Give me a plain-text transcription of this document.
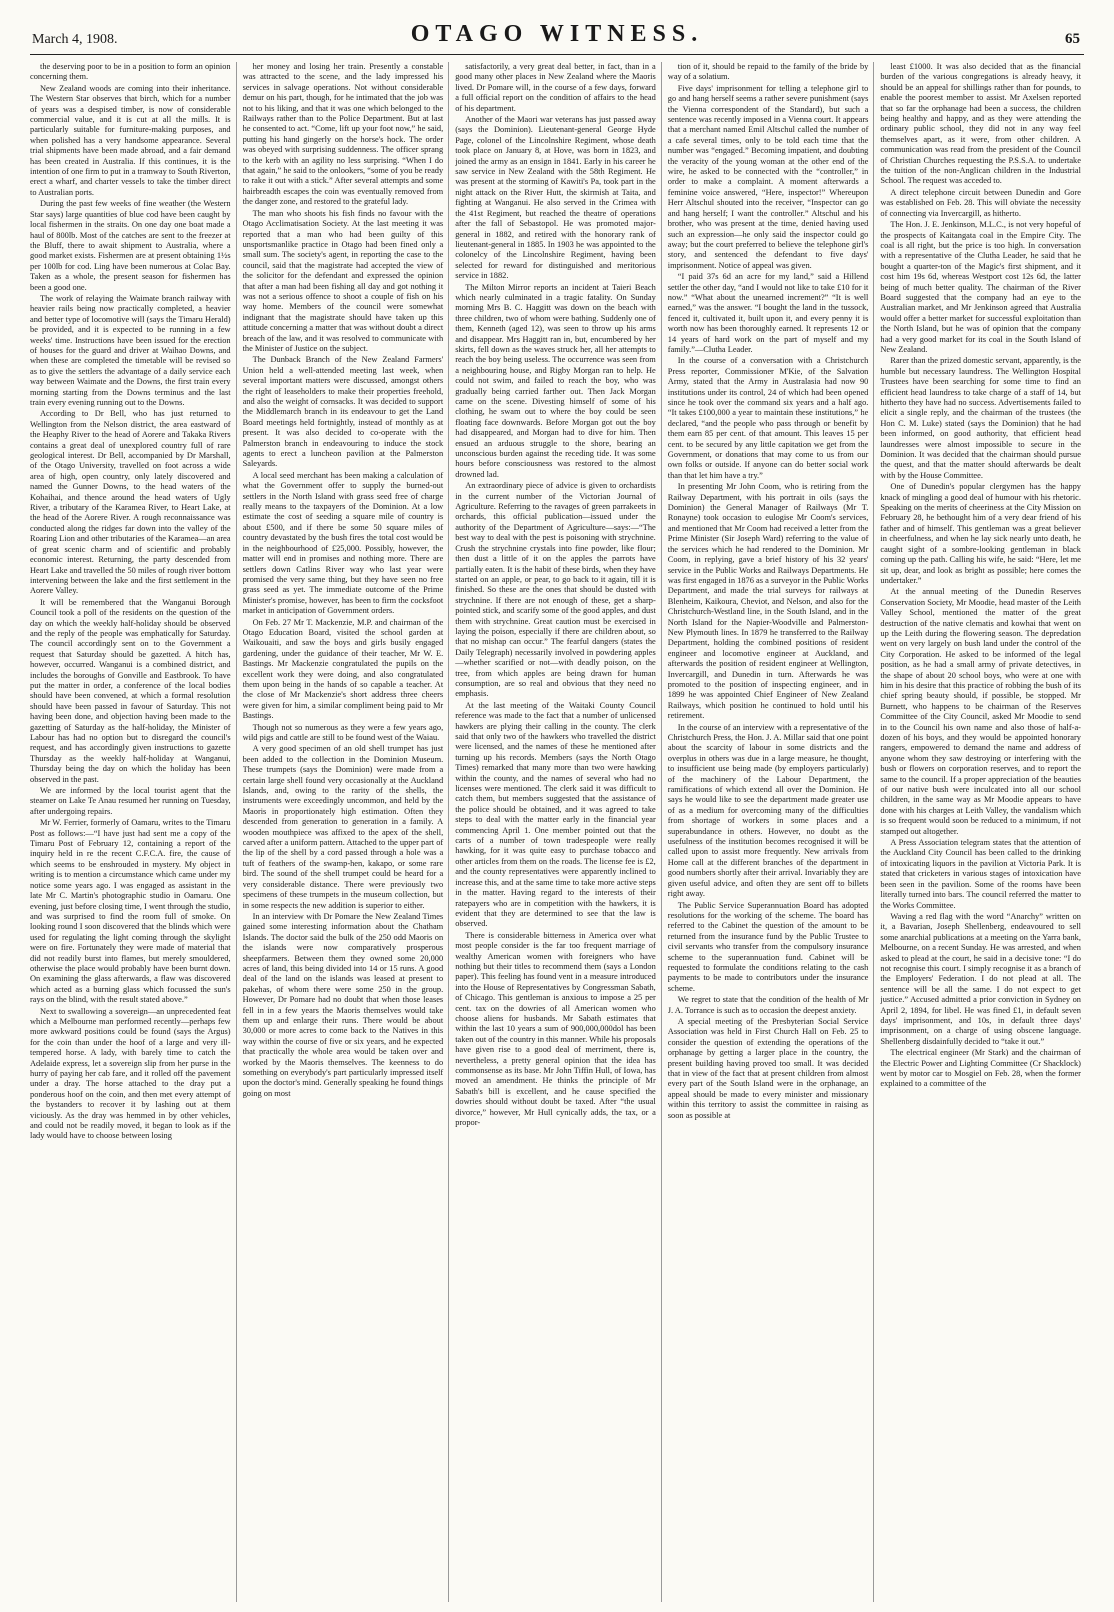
March 4, 1908.	OTAGO WITNESS.	65

the deserving poor to be in a position to form an opinion concerning them.

New Zealand woods are coming into their inheritance. The Western Star observes that birch, which for a number of years was a despised timber, is now of considerable commercial value, and it is cut at all the mills. It is particularly suitable for furniture-making purposes, and when polished has a very handsome appearance. Several trial shipments have been made abroad, and a fair demand has been created in Australia. If this continues, it is the intention of one firm to put in a tramway to South Riverton, erect a wharf, and charter vessels to take the timber direct to Australian ports.

During the past few weeks of fine weather (the Western Star says) large quantities of blue cod have been caught by local fishermen in the straits. On one day one boat made a haul of 800lb. Most of the catches are sent to the freezer at the Bluff, there to await shipment to Australia, where a good market exists. Fishermen are at present obtaining 1½s per 100lb for cod. Ling have been numerous at Colac Bay. Taken as a whole, the present season for fishermen has been a good one.

The work of relaying the Waimate branch railway with heavier rails being now practically completed, a heavier and better type of locomotive will (says the Timaru Herald) be provided, and it is expected to be running in a few weeks' time. Instructions have been issued for the erection of houses for the guard and driver at Waihao Downs, and when these are completed the timetable will be revised so as to give the settlers the advantage of a daily service each way between Waimate and the Downs, the first train every morning starting from the Downs terminus and the last train every evening running out to the Downs.

According to Dr Bell, who has just returned to Wellington from the Nelson district, the area eastward of the Heaphy River to the head of Aorere and Takaka Rivers contains a great deal of unexplored country full of rare geological interest. Dr Bell, accompanied by Dr Marshall, of the Otago University, travelled on foot across a wide area of high, open country, only lately discovered and named the Gunner Downs, to the head waters of the Kohaihai, and thence around the head waters of Ugly River, a tributary of the Karamea River, to Heart Lake, at the head of the Aorere River. A rough reconnaissance was conducted along the ridges far down into the valley of the Roaring Lion and other tributaries of the Karamea—an area of great scenic charm and of scientific and probably economic interest. Returning, the party descended from Heart Lake and travelled the 50 miles of rough river bottom intervening between the lake and the first settlement in the Aorere Valley.

It will be remembered that the Wanganui Borough Council took a poll of the residents on the question of the day on which the weekly half-holiday should be observed and the reply of the people was emphatically for Saturday. The council accordingly sent on to the Government a request that Saturday should be gazetted. A hitch has, however, occurred. Wanganui is a combined district, and includes the boroughs of Gonville and Eastbrook. To have put the matter in order, a conference of the local bodies should have been convened, at which a formal resolution should have been passed in favour of Saturday. This not having been done, and objection having been made to the gazetting of Saturday as the half-holiday, the Minister of Labour has had no option but to disregard the council's request, and has accordingly given instructions to gazette Thursday as the weekly half-holiday at Wanganui, Thursday being the day on which the holiday has been observed in the past.

We are informed by the local tourist agent that the steamer on Lake Te Anau resumed her running on Tuesday, after undergoing repairs.

Mr W. Ferrier, formerly of Oamaru, writes to the Timaru Post as follows:—“I have just had sent me a copy of the Timaru Post of February 12, containing a report of the inquiry held in re the recent C.F.C.A. fire, the cause of which seems to be enshrouded in mystery. My object in writing is to mention a circumstance which came under my notice some years ago. I was engaged as assistant in the late Mr C. Martin's photographic studio in Oamaru. One evening, just before closing time, I went through the studio, and was surprised to find the room full of smoke. On looking round I soon discovered that the blinds which were used for regulating the light coming through the skylight were on fire. Fortunately they were made of material that did not readily burst into flames, but merely smouldered, otherwise the place would probably have been burnt down. On examining the glass afterwards, a flaw was discovered which acted as a burning glass which focussed the sun's rays on the blind, with the result stated above.”

Next to swallowing a sovereign—an unprecedented feat which a Melbourne man performed recently—perhaps few more awkward positions could be found (says the Argus) for the coin than under the hoof of a large and very ill-tempered horse. A lady, with barely time to catch the Adelaide express, let a sovereign slip from her purse in the hurry of paying her cab fare, and it rolled off the pavement under a dray. The horse attached to the dray put a ponderous hoof on the coin, and then met every attempt of the bystanders to recover it by lashing out at them viciously. As the dray was hemmed in by other vehicles, and could not be readily moved, it began to look as if the lady would have to choose between losing

her money and losing her train. Presently a constable was attracted to the scene, and the lady impressed his services in salvage operations. Not without considerable demur on his part, though, for he intimated that the job was not to his liking, and that it was one which belonged to the Railways rather than to the Police Department. But at last he consented to act. “Come, lift up your foot now,” he said, putting his hand gingerly on the horse's hock. The order was obeyed with surprising suddenness. The officer sprang to the kerb with an agility no less surprising. “When I do that again,” he said to the onlookers, “some of you be ready to rake it out with a stick.” After several attempts and some hairbreadth escapes the coin was eventually removed from the danger zone, and restored to the grateful lady.

The man who shoots his fish finds no favour with the Otago Acclimatisation Society. At the last meeting it was reported that a man who had been guilty of this unsportsmanlike practice in Otago had been fined only a small sum. The society's agent, in reporting the case to the council, said that the magistrate had accepted the view of the solicitor for the defendant and expressed the opinion that after a man had been fishing all day and got nothing it was not a serious offence to shoot a couple of fish on his way home. Members of the council were somewhat indignant that the magistrate should have taken up this attitude concerning a matter that was without doubt a direct breach of the law, and it was resolved to communicate with the Minister of Justice on the subject.

The Dunback Branch of the New Zealand Farmers' Union held a well-attended meeting last week, when several important matters were discussed, amongst others the right of leaseholders to make their properties freehold, and also the weight of cornsacks. It was decided to support the Middlemarch branch in its endeavour to get the Land Board meetings held fortnightly, instead of monthly as at present. It was also decided to co-operate with the Palmerston branch in endeavouring to induce the stock agents to erect a luncheon pavilion at the Palmerston Saleyards.

A local seed merchant has been making a calculation of what the Government offer to supply the burned-out settlers in the North Island with grass seed free of charge really means to the taxpayers of the Dominion. At a low estimate the cost of seeding a square mile of country is about £500, and if there be some 50 square miles of country devastated by the bush fires the total cost would be in the neighbourhood of £25,000. Possibly, however, the matter will end in promises and nothing more. There are settlers down Catlins River way who last year were promised the very same thing, but they have seen no free grass seed as yet. The immediate outcome of the Prime Minister's promise, however, has been to firm the cocksfoot market in anticipation of Government orders.

On Feb. 27 Mr T. Mackenzie, M.P. and chairman of the Otago Education Board, visited the school garden at Waikouaiti, and saw the boys and girls busily engaged gardening, under the guidance of their teacher, Mr W. E. Bastings. Mr Mackenzie congratulated the pupils on the excellent work they were doing, and also congratulated them upon being in the hands of so capable a teacher. At the close of Mr Mackenzie's short address three cheers were given for him, a similar compliment being paid to Mr Bastings.

Though not so numerous as they were a few years ago, wild pigs and cattle are still to be found west of the Waiau.

A very good specimen of an old shell trumpet has just been added to the collection in the Dominion Museum. These trumpets (says the Dominion) were made from a certain large shell found very occasionally at the Auckland Islands, and, owing to the rarity of the shells, the instruments were exceedingly uncommon, and held by the Maoris in proportionately high estimation. Often they descended from generation to generation in a family. A wooden mouthpiece was affixed to the apex of the shell, carved after a uniform pattern. Attached to the upper part of the lip of the shell by a cord passed through a hole was a tuft of feathers of the swamp-hen, kakapo, or some rare bird. The sound of the shell trumpet could be heard for a very considerable distance. There were previously two specimens of these trumpets in the museum collection, but in some respects the new addition is superior to either.

In an interview with Dr Pomare the New Zealand Times gained some interesting information about the Chatham Islands. The doctor said the bulk of the 250 odd Maoris on the islands were now comparatively prosperous sheepfarmers. Between them they owned some 20,000 acres of land, this being divided into 14 or 15 runs. A good deal of the land on the islands was leased at present to pakehas, of whom there were some 250 in the group. However, Dr Pomare had no doubt that when those leases fell in in a few years the Maoris themselves would take them up and enlarge their runs. There would be about 30,000 or more acres to come back to the Natives in this way within the course of five or six years, and he expected that practically the whole area would be taken over and worked by the Maoris themselves. The keenness to do something on everybody's part particularly impressed itself upon the doctor's mind. Generally speaking he found things going on most

satisfactorily, a very great deal better, in fact, than in a good many other places in New Zealand where the Maoris lived. Dr Pomare will, in the course of a few days, forward a full official report on the condition of affairs to the head of his department.

Another of the Maori war veterans has just passed away (says the Dominion). Lieutenant-general George Hyde Page, colonel of the Lincolnshire Regiment, whose death took place on January 8, at Hove, was born in 1823, and joined the army as an ensign in 1841. Early in his career he saw service in New Zealand with the 58th Regiment. He was present at the storming of Kawiti's Pa, took part in the night attack on the River Hutt, the skirmish at Taita, and fighting at Wanganui. He also served in the Crimea with the 41st Regiment, but reached the theatre of operations after the fall of Sebastopol. He was promoted major-general in 1882, and retired with the honorary rank of lieutenant-general in 1885. In 1903 he was appointed to the colonelcy of the Lincolnshire Regiment, having been selected for reward for distinguished and meritorious service in 1882.

The Milton Mirror reports an incident at Taieri Beach which nearly culminated in a tragic fatality. On Sunday morning Mrs B. C. Haggitt was down on the beach with three children, two of whom were bathing. Suddenly one of them, Kenneth (aged 12), was seen to throw up his arms and disappear. Mrs Haggitt ran in, but, encumbered by her skirts, fell down as the waves struck her, all her attempts to reach the boy being useless. The occurrence was seen from a neighbouring house, and Rigby Morgan ran to help. He could not swim, and failed to reach the boy, who was gradually being carried farther out. Then Jack Morgan came on the scene. Divesting himself of some of his clothing, he swam out to where the boy could be seen floating face downwards. Before Morgan got out the boy had disappeared, and Morgan had to dive for him. Then ensued an arduous struggle to the shore, bearing an unconscious burden against the receding tide. It was some hours before consciousness was restored to the almost drowned lad.

An extraordinary piece of advice is given to orchardists in the current number of the Victorian Journal of Agriculture. Referring to the ravages of green parrakeets in orchards, this official publication—issued under the authority of the Department of Agriculture—says:—“The best way to deal with the pest is poisoning with strychnine. Crush the strychnine crystals into fine powder, like flour; then dust a little of it on the apples the parrots have partially eaten. It is the habit of these birds, when they have started on an apple, or pear, to go back to it again, till it is finished. So these are the ones that should be dusted with strychnine. If there are not enough of these, get a sharp-pointed stick, and scarify some of the good apples, and dust them with strychnine. Great caution must be exercised in laying the poison, especially if there are children about, so that no mishap can occur.” The fearful dangers (states the Daily Telegraph) necessarily involved in powdering apples—whether scarified or not—with deadly poison, on the tree, from which apples are being drawn for human consumption, are so real and obvious that they need no emphasis.

At the last meeting of the Waitaki County Council reference was made to the fact that a number of unlicensed hawkers are plying their calling in the county. The clerk said that only two of the hawkers who travelled the district were licensed, and the names of these he mentioned after turning up his records. Members (says the North Otago Times) remarked that many more than two were hawking within the county, and the names of several who had no licenses were mentioned. The clerk said it was difficult to catch them, but members suggested that the assistance of the police should be obtained, and it was agreed to take steps to deal with the matter early in the financial year commencing April 1. One member pointed out that the carts of a number of town tradespeople were really hawking, for it was quite easy to purchase tobacco and other articles from them on the roads. The license fee is £2, and the county representatives were apparently inclined to increase this, and at the same time to take more active steps in the matter. Having regard to the interests of their ratepayers who are in competition with the hawkers, it is evident that they are determined to see that the law is observed.

There is considerable bitterness in America over what most people consider is the far too frequent marriage of wealthy American women with foreigners who have nothing but their titles to recommend them (says a London paper). This feeling has found vent in a measure introduced into the House of Representatives by Congressman Sabath, of Chicago. This gentleman is anxious to impose a 25 per cent. tax on the dowries of all American women who choose aliens for husbands. Mr Sabath estimates that within the last 10 years a sum of 900,000,000dol has been taken out of the country in this manner. While his proposals have given rise to a good deal of merriment, there is, nevertheless, a pretty general opinion that the idea has commonsense as its base. Mr John Tiffin Hull, of Iowa, has moved an amendment. He thinks the principle of Mr Sabath's bill is excellent, and he cause specified the dowries should without doubt be taxed. After “the usual divorce,” however, Mr Hull cynically adds, the tax, or a propor-

tion of it, should be repaid to the family of the bride by way of a solatium.

Five days' imprisonment for telling a telephone girl to go and hang herself seems a rather severe punishment (says the Vienna correspondent of the Standard), but such a sentence was recently imposed in a Vienna court. It appears that a merchant named Emil Altschul called the number of a cafe several times, only to be told each time that the number was “engaged.” Becoming impatient, and doubting the veracity of the young woman at the other end of the wire, he asked to be connected with the “controller,” in order to make a complaint. A moment afterwards a feminine voice answered, “Here, inspector!” Whereupon Herr Altschul shouted into the receiver, “Inspector can go and hang herself; I want the controller.” Altschul and his brother, who was present at the time, denied having used such an expression—he only said the inspector could go away; but the court preferred to believe the telephone girl's story, and sentenced the defendant to five days' imprisonment. Notice of appeal was given.

“I paid 37s 6d an acre for my land,” said a Hillend settler the other day, “and I would not like to take £10 for it now.” “What about the unearned increment?” “It is well earned,” was the answer. “I bought the land in the tussock, fenced it, cultivated it, built upon it, and every penny it is worth now has been thoroughly earned. It represents 12 or 14 years of hard work on the part of myself and my family.”—Clutha Leader.

In the course of a conversation with a Christchurch Press reporter, Commissioner M'Kie, of the Salvation Army, stated that the Army in Australasia had now 90 institutions under its control, 24 of which had been opened since he took over the command six years and a half ago. “It takes £100,000 a year to maintain these institutions,” he declared, “and the people who pass through or benefit by them earn 85 per cent. of that amount. This leaves 15 per cent. to be secured by any little capitation we get from the Government, or donations that may come to us from our own folks or outside. If anyone can do better social work than that let him have a try.”

In presenting Mr John Coom, who is retiring from the Railway Department, with his portrait in oils (says the Dominion) the General Manager of Railways (Mr T. Ronayne) took occasion to eulogise Mr Coom's services, and mentioned that Mr Coom had received a letter from the Prime Minister (Sir Joseph Ward) referring to the value of the services which he had rendered to the Dominion. Mr Coom, in replying, gave a brief history of his 32 years' service in the Public Works and Railways Departments. He was first engaged in 1876 as a surveyor in the Public Works Department, and made the trial surveys for railways at Blenheim, Kaikoura, Cheviot, and Nelson, and also for the Christchurch-Westland line, in the South Island, and in the North Island for the Napier-Woodville and Palmerston-New Plymouth lines. In 1879 he transferred to the Railway Department, holding the combined positions of resident engineer and locomotive engineer at Auckland, and afterwards the position of resident engineer at Wellington, Invercargill, and Dunedin in turn. Afterwards he was promoted to the position of inspecting engineer, and in 1899 he was appointed Chief Engineer of New Zealand Railways, which position he continued to hold until his retirement.

In the course of an interview with a representative of the Christchurch Press, the Hon. J. A. Millar said that one point about the scarcity of labour in some districts and the overplus in others was due in a large measure, he thought, to insufficient use being made (by employers particularly) of the machinery of the Labour Department, the ramifications of which extend all over the Dominion. He says he would like to see the department made greater use of as a medium for overcoming many of the difficulties from shortage of workers in some places and a superabundance in others. However, no doubt as the usefulness of the institution becomes recognised it will be called upon to assist more frequently. New arrivals from Home call at the different branches of the department in good numbers shortly after their arrival. Invariably they are given useful advice, and often they are sent off to billets right away.

The Public Service Superannuation Board has adopted resolutions for the working of the scheme. The board has referred to the Cabinet the question of the amount to be returned from the insurance fund by the Public Trustee to civil servants who transfer from the compulsory insurance scheme to the superannuation fund. Cabinet will be requested to formulate the conditions relating to the cash payments to be made to contributors under the insurance scheme.

We regret to state that the condition of the health of Mr J. A. Torrance is such as to occasion the deepest anxiety.

A special meeting of the Presbyterian Social Service Association was held in First Church Hall on Feb. 25 to consider the question of extending the operations of the orphanage by getting a larger place in the country, the present building having proved too small. It was decided that in view of the fact that at present children from almost every part of the South Island were in the orphanage, an appeal should be made to every minister and missionary within this territory to assist the committee in raising as soon as possible at

least £1000. It was also decided that as the financial burden of the various congregations is already heavy, it should be an appeal for shillings rather than for pounds, to enable the poorest member to assist. Mr Axelsen reported that so far the orphanage had been a success, the children being healthy and happy, and as they were attending the ordinary public school, they did not in any way feel themselves apart, as it were, from other children. A communication was read from the president of the Council of Christian Churches requesting the P.S.S.A. to undertake the tuition of the non-Anglican children in the Industrial School. The request was acceded to.

A direct telephone circuit between Dunedin and Gore was established on Feb. 28. This will obviate the necessity of connecting via Invercargill, as hitherto.

The Hon. J. E. Jenkinson, M.L.C., is not very hopeful of the prospects of Kaitangata coal in the Empire City. The coal is all right, but the price is too high. In conversation with a representative of the Clutha Leader, he said that he bought a quarter-ton of the Magic's first shipment, and it cost him 19s 6d, whereas Westport cost 12s 6d, the latter being of much better quality. The chairman of the River Board suggested that the company had an eye to the Australian market, and Mr Jenkinson agreed that Australia would offer a better market for successful exploitation than the North Island, but he was of opinion that the company had a very good market for its coal in the South Island of New Zealand.

Rarer than the prized domestic servant, apparently, is the humble but necessary laundress. The Wellington Hospital Trustees have been searching for some time to find an efficient head laundress to take charge of a staff of 14, but hitherto they have had no success. Advertisements failed to elicit a single reply, and the chairman of the trustees (the Hon C. M. Luke) stated (says the Dominion) that he had been informed, on good authority, that efficient head laundresses were almost impossible to secure in the Dominion. It was decided that the chairman should pursue the quest, and that the matter should afterwards be dealt with by the House Committee.

One of Dunedin's popular clergymen has the happy knack of mingling a good deal of humour with his rhetoric. Speaking on the merits of cheeriness at the City Mission on February 28, he bethought him of a very dear friend of his father and of himself. This gentleman was a great believer in cheerfulness, and when he lay sick nearly unto death, he caught sight of a sombre-looking gentleman in black coming up the path. Calling his wife, he said: “Here, let me sit up, dear, and look as bright as possible; here comes the undertaker.”

At the annual meeting of the Dunedin Reserves Conservation Society, Mr Moodie, head master of the Leith Valley School, mentioned the matter of the great destruction of the native clematis and kowhai that went on up the Leith during the flowering season. The depredation went on very largely on bush land under the control of the City Corporation. He asked to be informed of the legal position, as he had a small army of private detectives, in the shape of about 20 school boys, who were at one with him in his desire that this practice of robbing the bush of its chief spring beauty should, if possible, be stopped. Mr Burnett, who happens to be chairman of the Reserves Committee of the City Council, asked Mr Moodie to send in to the Council his own name and also those of half-a-dozen of his boys, and they would be appointed honorary rangers, empowered to demand the name and address of anyone whom they saw destroying or interfering with the bush or flowers on corporation reserves, and to report the same to the council. If a proper appreciation of the beauties of our native bush were inculcated into all our school children, in the same way as Mr Moodie appears to have done with his charges at Leith Valley, the vandalism which is so frequent would soon be reduced to a minimum, if not stamped out altogether.

A Press Association telegram states that the attention of the Auckland City Council has been called to the drinking of intoxicating liquors in the pavilion at Victoria Park. It is stated that cricketers in various stages of intoxication have been seen in the pavilion. Some of the rooms have been literally turned into bars. The council referred the matter to the Works Committee.

Waving a red flag with the word “Anarchy” written on it, a Bavarian, Joseph Shellenberg, endeavoured to sell some anarchial publications at a meeting on the Yarra bank, Melbourne, on a recent Sunday. He was arrested, and when asked to plead at the court, he said in a decisive tone: “I do not recognise this court. I simply recognise it as a branch of the Employers' Federation. I do not plead at all. The sentence will be all the same. I do not expect to get justice.” Accused admitted a prior conviction in Sydney on April 2, 1894, for libel. He was fined £1, in default seven days' imprisonment, and 10s, in default three days' imprisonment, on a charge of using obscene language. Shellenberg disdainfully decided to “take it out.”

The electrical engineer (Mr Stark) and the chairman of the Electric Power and Lighting Committee (Cr Shacklock) went by motor car to Mosgiel on Feb. 28, when the former explained to a committee of the
